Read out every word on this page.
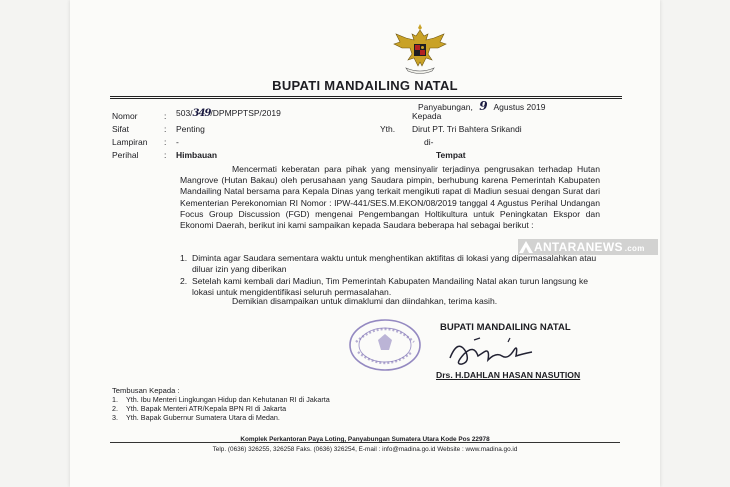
BUPATI MANDAILING NATAL
Panyabungan, 9 Agustus 2019
Nomor	: 503/349/DPMPPTSP/2019
Sifat	: Penting
Lampiran : -
Perihal	: Himbauan
Kepada
Yth. Dirut PT. Tri Bahtera Srikandi
di-
Tempat
Mencermati keberatan para pihak yang mensinyalir terjadinya pengrusakan terhadap Hutan Mangrove (Hutan Bakau) oleh perusahaan yang Saudara pimpin, berhubung karena Pemerintah Kabupaten Mandailing Natal bersama para Kepala Dinas yang terkait mengikuti rapat di Madiun sesuai dengan Surat dari Kementerian Perekonomian RI Nomor : IPW-441/SES.M.EKON/08/2019 tanggal 4 Agustus Perihal Undangan Focus Group Discussion (FGD) mengenai Pengembangan Holtikultura untuk Peningkatan Ekspor dan Ekonomi Daerah, berikut ini kami sampaikan kepada Saudara beberapa hal sebagai berikut :
1. Diminta agar Saudara sementara waktu untuk menghentikan aktifitas di lokasi yang dipermasalahkan atau diluar izin yang diberikan
2. Setelah kami kembali dari Madiun, Tim Pemerintah Kabupaten Mandailing Natal akan turun langsung ke lokasi untuk mengidentifikasi seluruh permasalahan.
Demikian disampaikan untuk dimaklumi dan diindahkan, terima kasih.
ANTARANEWS .com
BUPATI MANDAILING NATAL
Drs. H.DAHLAN HASAN NASUTION
Tembusan Kepada :
1. Yth. Ibu Menteri Lingkungan Hidup dan Kehutanan RI di Jakarta
2. Yth. Bapak Menteri ATR/Kepala BPN RI di Jakarta
3. Yth. Bapak Gubernur Sumatera Utara di Medan.
Komplek Perkantoran Paya Loting, Panyabungan Sumatera Utara Kode Pos 22978
Telp. (0636) 326255, 326258 Faks. (0636) 326254, E-mail : info@madina.go.id Website : www.madina.go.id
